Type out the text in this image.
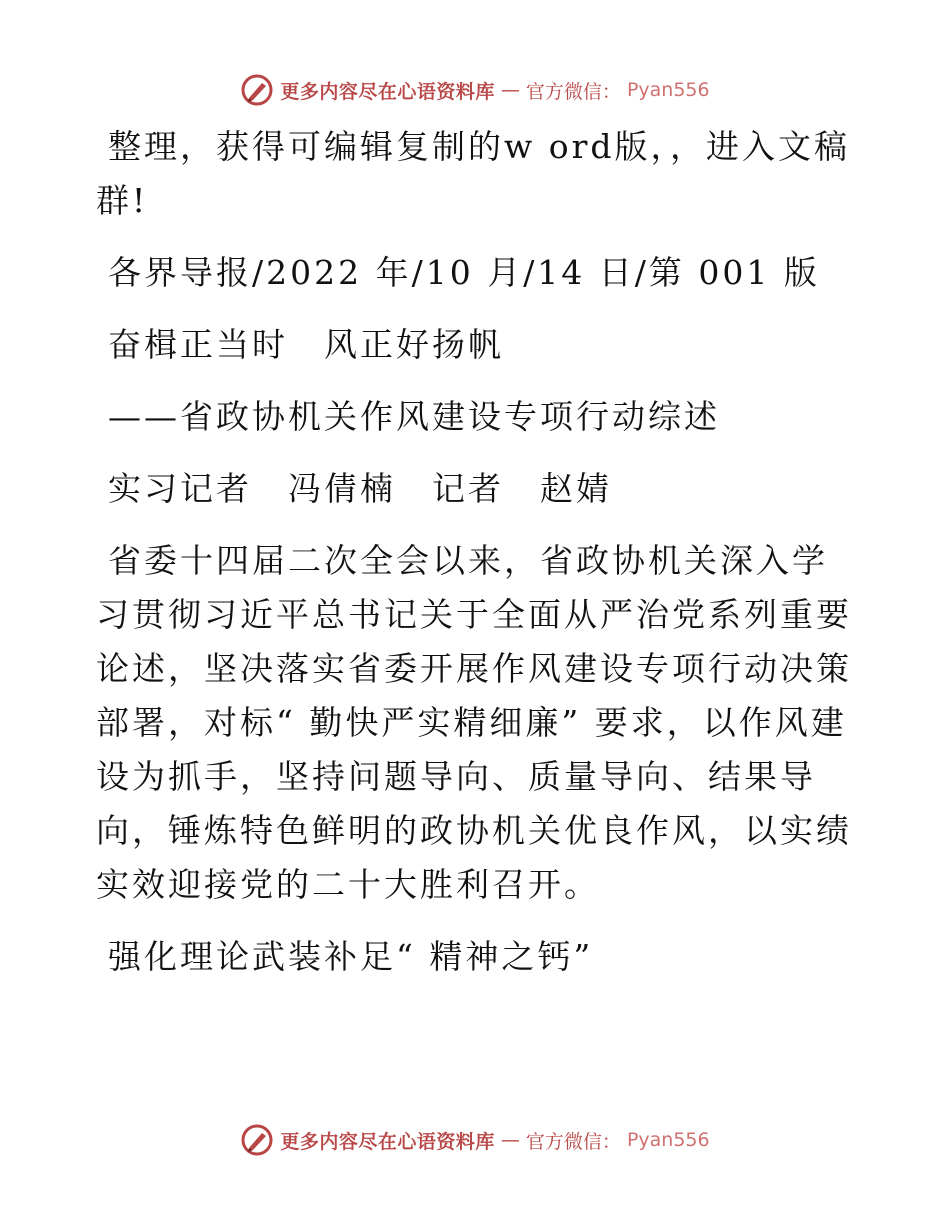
更多内容尽在心语资料库 — 官方微信： Pyan556

整理，获得可编辑复制的w ord版，，进入文稿群!

各界导报/2022 年/10 月/14 日/第 001 版

奋楫正当时　风正好扬帆

——省政协机关作风建设专项行动综述

实习记者　冯倩楠　记者　赵婧

省委十四届二次全会以来，省政协机关深入学习贯彻习近平总书记关于全面从严治党系列重要论述，坚决落实省委开展作风建设专项行动决策部署，对标“ 勤快严实精细廉” 要求，以作风建设为抓手，坚持问题导向、质量导向、结果导向，锤炼特色鲜明的政协机关优良作风，以实绩实效迎接党的二十大胜利召开。

强化理论武装补足“ 精神之钙”

更多内容尽在心语资料库 — 官方微信： Pyan556
